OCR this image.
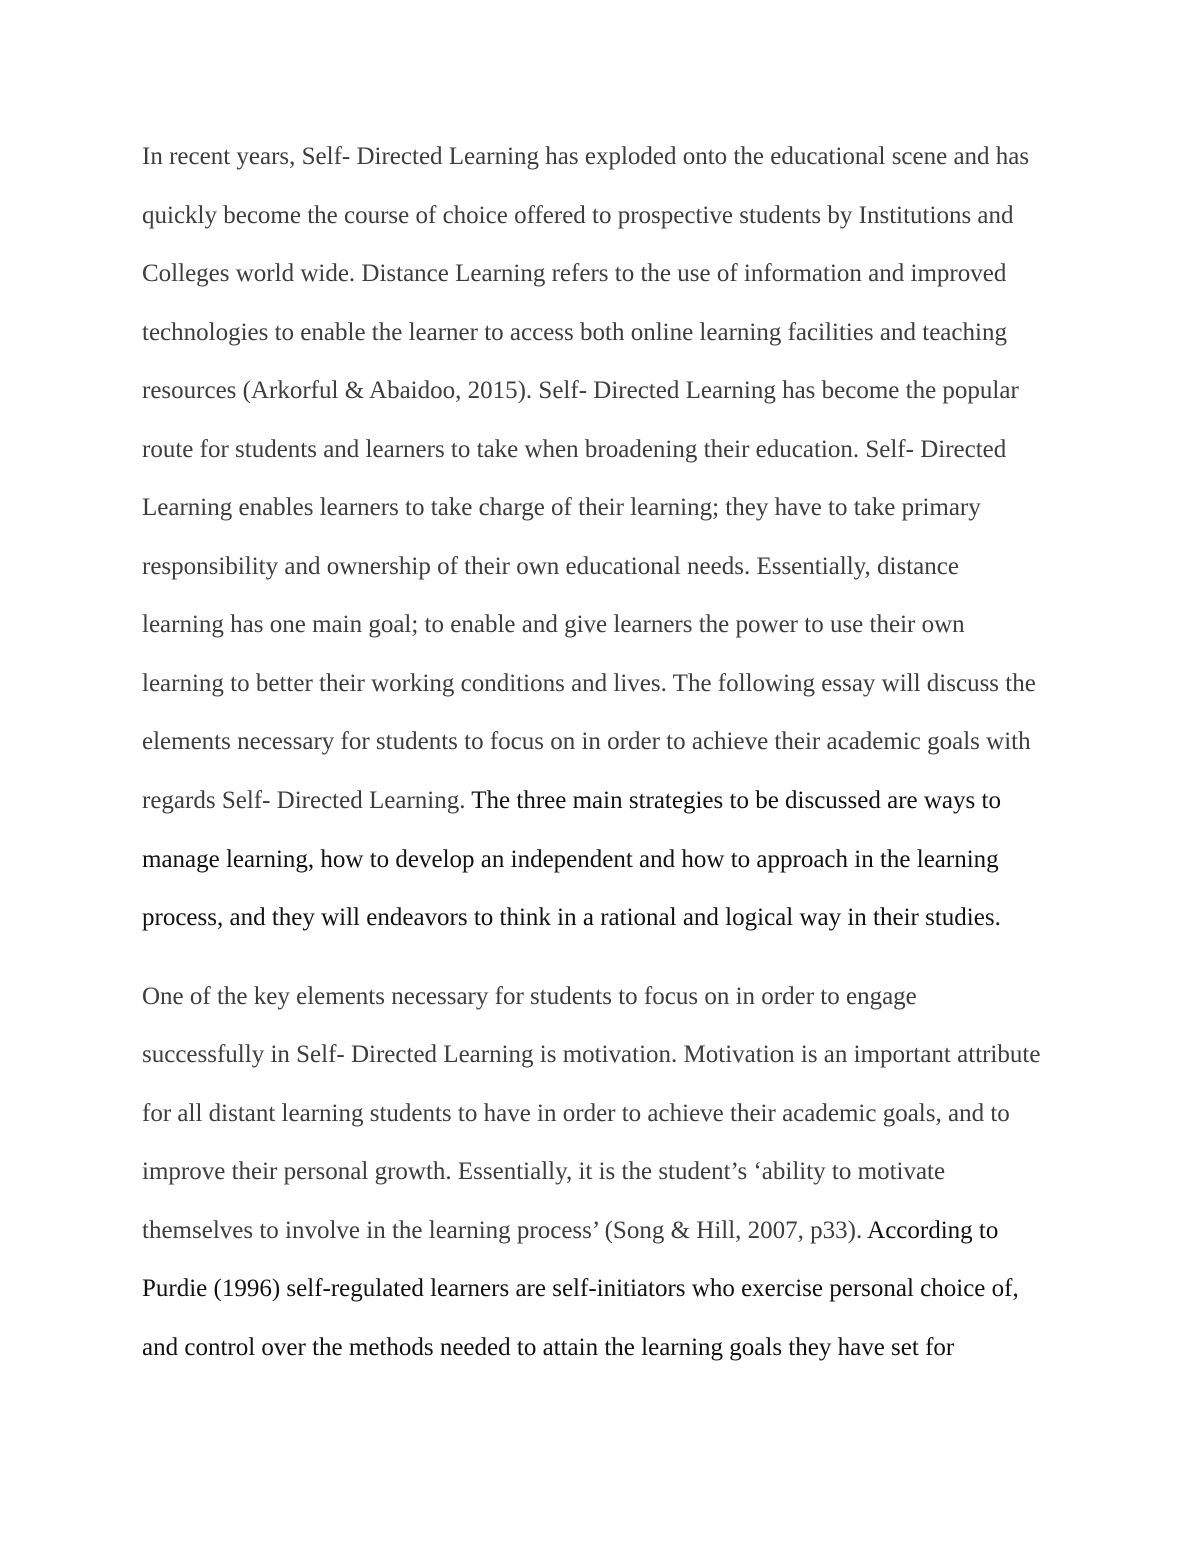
In recent years, Self- Directed Learning has exploded onto the educational scene and has
quickly become the course of choice offered to prospective students by Institutions and
Colleges world wide. Distance Learning refers to the use of information and improved
technologies to enable the learner to access both online learning facilities and teaching
resources (Arkorful & Abaidoo, 2015). Self- Directed Learning has become the popular
route for students and learners to take when broadening their education. Self- Directed
Learning enables learners to take charge of their learning; they have to take primary
responsibility and ownership of their own educational needs. Essentially, distance
learning has one main goal; to enable and give learners the power to use their own
learning to better their working conditions and lives. The following essay will discuss the
elements necessary for students to focus on in order to achieve their academic goals with
regards Self- Directed Learning. The three main strategies to be discussed are ways to
manage learning, how to develop an independent and how to approach in the learning
process, and they will endeavors to think in a rational and logical way in their studies.
One of the key elements necessary for students to focus on in order to engage
successfully in Self- Directed Learning is motivation. Motivation is an important attribute
for all distant learning students to have in order to achieve their academic goals, and to
improve their personal growth. Essentially, it is the student’s ‘ability to motivate
themselves to involve in the learning process’ (Song & Hill, 2007, p33). According to
Purdie (1996) self-regulated learners are self-initiators who exercise personal choice of,
and control over the methods needed to attain the learning goals they have set for
